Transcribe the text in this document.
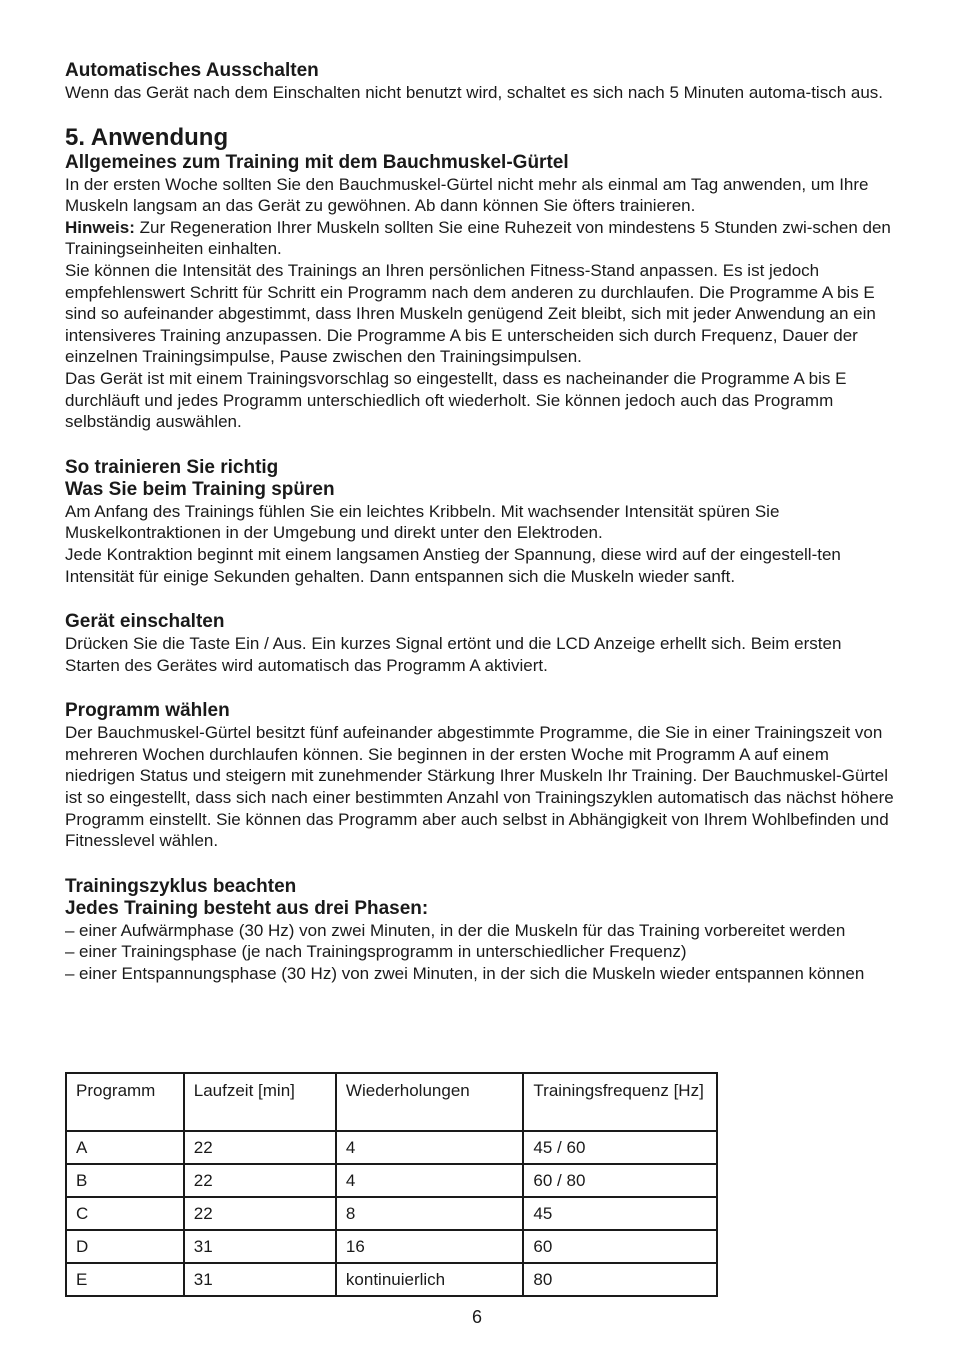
Automatisches Ausschalten

Wenn das Gerät nach dem Einschalten nicht benutzt wird, schaltet es sich nach 5 Minuten automa-tisch aus.

5. Anwendung

Allgemeines zum Training mit dem Bauchmuskel-Gürtel

In der ersten Woche sollten Sie den Bauchmuskel-Gürtel nicht mehr als einmal am Tag anwenden, um Ihre Muskeln langsam an das Gerät zu gewöhnen. Ab dann können Sie öfters trainieren.

Hinweis: Zur Regeneration Ihrer Muskeln sollten Sie eine Ruhezeit von mindestens 5 Stunden zwi-schen den Trainingseinheiten einhalten.

Sie können die Intensität des Trainings an Ihren persönlichen Fitness-Stand anpassen. Es ist jedoch empfehlenswert Schritt für Schritt ein Programm nach dem anderen zu durchlaufen. Die Programme A bis E sind so aufeinander abgestimmt, dass Ihren Muskeln genügend Zeit bleibt, sich mit jeder Anwendung an ein intensiveres Training anzupassen. Die Programme A bis E unterscheiden sich durch Frequenz, Dauer der einzelnen Trainingsimpulse, Pause zwischen den Trainingsimpulsen.

Das Gerät ist mit einem Trainingsvorschlag so eingestellt, dass es nacheinander die Programme A bis E durchläuft und jedes Programm unterschiedlich oft wiederholt. Sie können jedoch auch das Programm selbständig auswählen.

So trainieren Sie richtig

Was Sie beim Training spüren

Am Anfang des Trainings fühlen Sie ein leichtes Kribbeln. Mit wachsender Intensität spüren Sie Muskelkontraktionen in der Umgebung und direkt unter den Elektroden.

Jede Kontraktion beginnt mit einem langsamen Anstieg der Spannung, diese wird auf der eingestell-ten Intensität für einige Sekunden gehalten. Dann entspannen sich die Muskeln wieder sanft.

Gerät einschalten

Drücken Sie die Taste Ein / Aus. Ein kurzes Signal ertönt und die LCD Anzeige erhellt sich. Beim ersten Starten des Gerätes wird automatisch das Programm A aktiviert.

Programm wählen

Der Bauchmuskel-Gürtel besitzt fünf aufeinander abgestimmte Programme, die Sie in einer Trainingszeit von mehreren Wochen durchlaufen können. Sie beginnen in der ersten Woche mit Programm A auf einem niedrigen Status und steigern mit zunehmender Stärkung Ihrer Muskeln Ihr Training. Der Bauchmuskel-Gürtel ist so eingestellt, dass sich nach einer bestimmten Anzahl von Trainingszyklen automatisch das nächst höhere Programm einstellt. Sie können das Programm aber auch selbst in Abhängigkeit von Ihrem Wohlbefinden und Fitnesslevel wählen.

Trainingszyklus beachten

Jedes Training besteht aus drei Phasen:

– einer Aufwärmphase (30 Hz) von zwei Minuten, in der die Muskeln für das Training vorbereitet werden
– einer Trainingsphase (je nach Trainingsprogramm in unterschiedlicher Frequenz)
– einer Entspannungsphase (30 Hz) von zwei Minuten, in der sich die Muskeln wieder entspannen können
Programm	Laufzeit [min]	Wiederholungen	Trainingsfrequenz [Hz]
A	22	4	45 / 60
B	22	4	60 / 80
C	22	8	45
D	31	16	60
E	31	kontinuierlich	80
6
